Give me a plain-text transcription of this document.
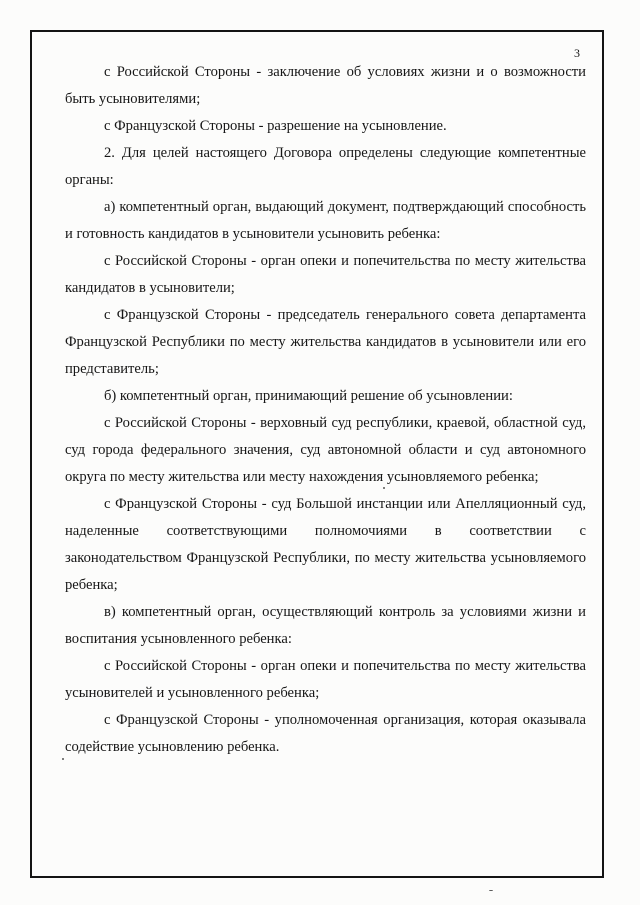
3

с Российской Стороны - заключение об условиях жизни и о возможности быть усыновителями;

с Французской Стороны - разрешение на усыновление.

2. Для целей настоящего Договора определены следующие компетентные органы:

а) компетентный орган, выдающий документ, подтверждающий способность и готовность кандидатов в усыновители усыновить ребенка:

с Российской Стороны - орган опеки и попечительства по месту жительства кандидатов в усыновители;

с Французской Стороны - председатель генерального совета департамента Французской Республики по месту жительства кандидатов в усыновители или его представитель;

б) компетентный орган, принимающий решение об усыновлении:

с Российской Стороны - верховный суд республики, краевой, областной суд, суд города федерального значения, суд автономной области и суд автономного округа по месту жительства или месту нахождения усыновляемого ребенка;

с Французской Стороны - суд Большой инстанции или Апелляционный суд, наделенные соответствующими полномочиями в соответствии с законодательством Французской Республики, по месту жительства усыновляемого ребенка;

в) компетентный орган, осуществляющий контроль за условиями жизни и воспитания усыновленного ребенка:

с Российской Стороны - орган опеки и попечительства по месту жительства усыновителей и усыновленного ребенка;

с Французской Стороны - уполномоченная организация, которая оказывала содействие усыновлению ребенка.
